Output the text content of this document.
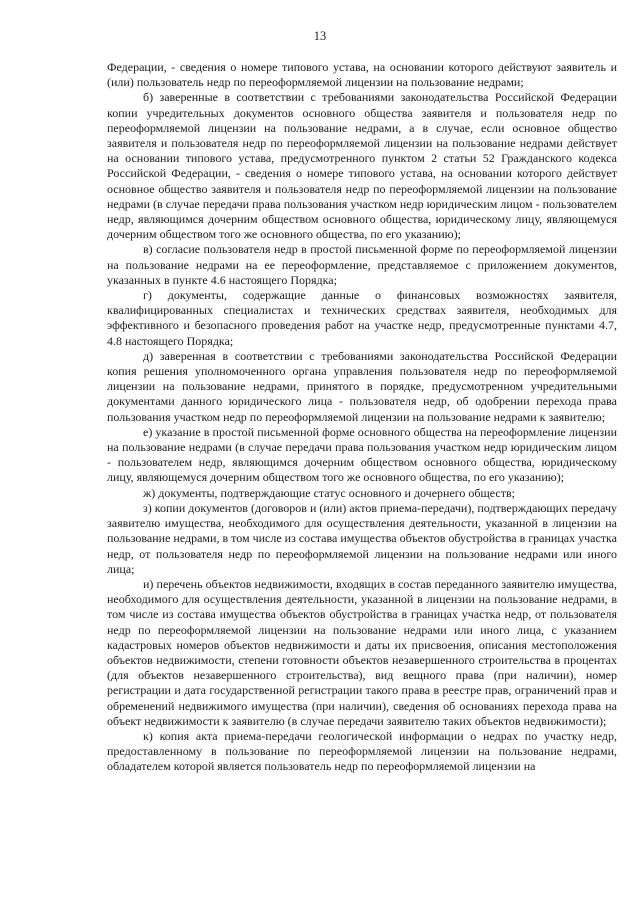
13

Федерации, - сведения о номере типового устава, на основании которого действуют заявитель и (или) пользователь недр по переоформляемой лицензии на пользование недрами;

б) заверенные в соответствии с требованиями законодательства Российской Федерации копии учредительных документов основного общества заявителя и пользователя недр по переоформляемой лицензии на пользование недрами, а в случае, если основное общество заявителя и пользователя недр по переоформляемой лицензии на пользование недрами действует на основании типового устава, предусмотренного пунктом 2 статьи 52 Гражданского кодекса Российской Федерации, - сведения о номере типового устава, на основании которого действует основное общество заявителя и пользователя недр по переоформляемой лицензии на пользование недрами (в случае передачи права пользования участком недр юридическим лицом - пользователем недр, являющимся дочерним обществом основного общества, юридическому лицу, являющемуся дочерним обществом того же основного общества, по его указанию);

в) согласие пользователя недр в простой письменной форме по переоформляемой лицензии на пользование недрами на ее переоформление, представляемое с приложением документов, указанных в пункте 4.6 настоящего Порядка;

г) документы, содержащие данные о финансовых возможностях заявителя, квалифицированных специалистах и технических средствах заявителя, необходимых для эффективного и безопасного проведения работ на участке недр, предусмотренные пунктами 4.7, 4.8 настоящего Порядка;

д) заверенная в соответствии с требованиями законодательства Российской Федерации копия решения уполномоченного органа управления пользователя недр по переоформляемой лицензии на пользование недрами, принятого в порядке, предусмотренном учредительными документами данного юридического лица - пользователя недр, об одобрении перехода права пользования участком недр по переоформляемой лицензии на пользование недрами к заявителю;

е) указание в простой письменной форме основного общества на переоформление лицензии на пользование недрами (в случае передачи права пользования участком недр юридическим лицом - пользователем недр, являющимся дочерним обществом основного общества, юридическому лицу, являющемуся дочерним обществом того же основного общества, по его указанию);

ж) документы, подтверждающие статус основного и дочернего обществ;

з) копии документов (договоров и (или) актов приема-передачи), подтверждающих передачу заявителю имущества, необходимого для осуществления деятельности, указанной в лицензии на пользование недрами, в том числе из состава имущества объектов обустройства в границах участка недр, от пользователя недр по переоформляемой лицензии на пользование недрами или иного лица;

и) перечень объектов недвижимости, входящих в состав переданного заявителю имущества, необходимого для осуществления деятельности, указанной в лицензии на пользование недрами, в том числе из состава имущества объектов обустройства в границах участка недр, от пользователя недр по переоформляемой лицензии на пользование недрами или иного лица, с указанием кадастровых номеров объектов недвижимости и даты их присвоения, описания местоположения объектов недвижимости, степени готовности объектов незавершенного строительства в процентах (для объектов незавершенного строительства), вид вещного права (при наличии), номер регистрации и дата государственной регистрации такого права в реестре прав, ограничений прав и обременений недвижимого имущества (при наличии), сведения об основаниях перехода права на объект недвижимости к заявителю (в случае передачи заявителю таких объектов недвижимости);

к) копия акта приема-передачи геологической информации о недрах по участку недр, предоставленному в пользование по переоформляемой лицензии на пользование недрами, обладателем которой является пользователь недр по переоформляемой лицензии на
